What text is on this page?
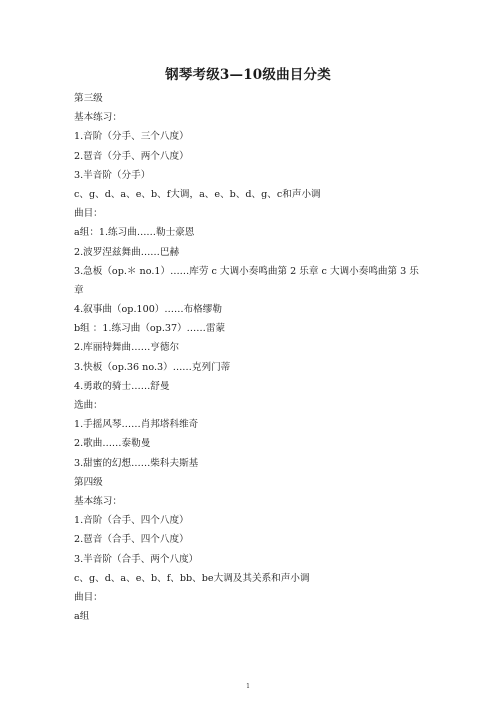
钢琴考级3—10级曲目分类
第三级
基本练习：
1.音阶（分手、三个八度）
2.琶音（分手、两个八度）
3.半音阶（分手）
c、g、d、a、e、b、f大调，a、e、b、d、g、c和声小调
曲目：
a组：1.练习曲……勒士豪恩
2.波罗涅兹舞曲……巴赫
3.急板（op.＊ no.1）……库劳 c 大调小奏鸣曲第 2 乐章 c 大调小奏鸣曲第 3 乐章
4.叙事曲（op.100）……布格缪勒
b组 ：1.练习曲（op.37）……雷蒙
2.库丽特舞曲……亨德尔
3.快板（op.36 no.3）……克列门蒂
4.勇敢的骑士……舒曼
选曲：
1.手摇风琴……肖邦塔科维奇
2.歌曲……泰勒曼
3.甜蜜的幻想……柴科夫斯基
第四级
基本练习：
1.音阶（合手、四个八度）
2.琶音（合手、四个八度）
3.半音阶（合手、两个八度）
c、g、d、a、e、b、f、bb、be大调及其关系和声小调
曲目：
a组
1
